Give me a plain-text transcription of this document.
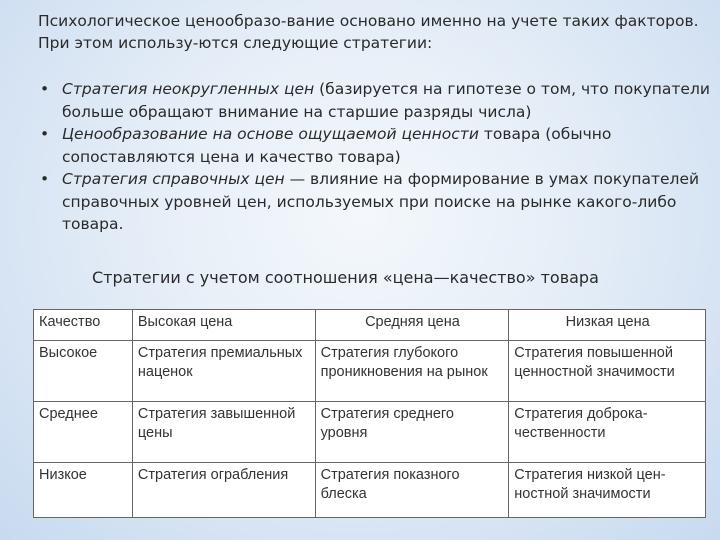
Психологическое ценообразо-вание основано именно на учете таких факторов. При этом использу-ются следующие стратегии:
• Стратегия неокругленных цен (базируется на гипотезе о том, что покупатели больше обращают внимание на старшие разряды числа)
• Ценообразование на основе ощущаемой ценности товара (обычно сопоставляются цена и качество товара)
• Стратегия справочных цен — влияние на формирование в умах покупателей справочных уровней цен, используемых при поиске на рынке какого-либо товара.
Стратегии с учетом соотношения «цена—качество» товара
Качество	Высокая цена	Средняя цена	Низкая цена
Высокое	Стратегия премиальных наценок	Стратегия глубокого проникновения на рынок	Стратегия повышенной ценностной значимости
Среднее	Стратегия завышенной цены	Стратегия среднего уровня	Стратегия доброка-чественности
Низкое	Стратегия ограбления	Стратегия показного блеска	Стратегия низкой цен-ностной значимости
